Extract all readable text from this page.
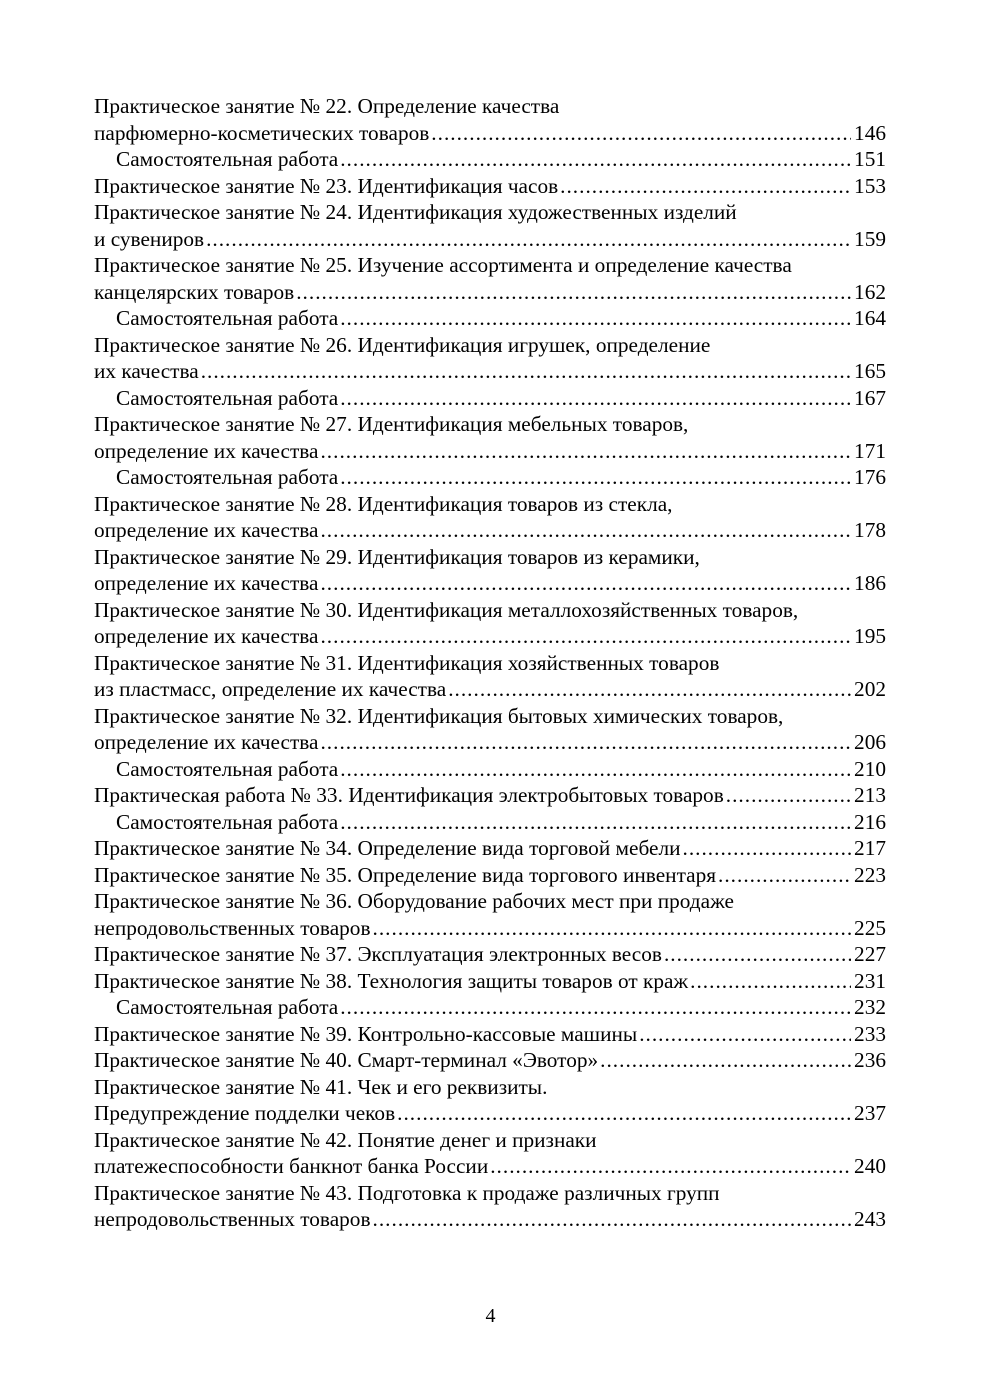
Практическое занятие № 22. Определение качества
парфюмерно-косметических товаров .....	146
Самостоятельная работа .....	151
Практическое занятие № 23. Идентификация часов .....	153
Практическое занятие № 24. Идентификация художественных изделий
и сувениров .....	159
Практическое занятие № 25. Изучение ассортимента и определение качества
канцелярских товаров .....	162
Самостоятельная работа .....	164
Практическое занятие № 26. Идентификация игрушек, определение
их качества .....	165
Самостоятельная работа .....	167
Практическое занятие № 27. Идентификация мебельных товаров,
определение их качества .....	171
Самостоятельная работа .....	176
Практическое занятие № 28. Идентификация товаров из стекла,
определение их качества .....	178
Практическое занятие № 29. Идентификация товаров из керамики,
определение их качества .....	186
Практическое занятие № 30. Идентификация металлохозяйственных товаров,
определение их качества .....	195
Практическое занятие № 31. Идентификация хозяйственных товаров
из пластмасс, определение их качества .....	202
Практическое занятие № 32. Идентификация бытовых химических товаров,
определение их качества .....	206
Самостоятельная работа .....	210
Практическая работа № 33. Идентификация электробытовых товаров .....	213
Самостоятельная работа .....	216
Практическое занятие № 34. Определение вида торговой мебели .....	217
Практическое занятие № 35. Определение вида торгового инвентаря .....	223
Практическое занятие № 36. Оборудование рабочих мест при продаже
непродовольственных товаров .....	225
Практическое занятие № 37. Эксплуатация электронных весов .....	227
Практическое занятие № 38. Технология защиты товаров от краж .....	231
Самостоятельная работа .....	232
Практическое занятие № 39. Контрольно-кассовые машины .....	233
Практическое занятие № 40. Смарт-терминал «Эвотор» .....	236
Практическое занятие № 41. Чек и его реквизиты.
Предупреждение подделки чеков .....	237
Практическое занятие № 42. Понятие денег и признаки
платежеспособности банкнот банка России .....	240
Практическое занятие № 43. Подготовка к продаже различных групп
непродовольственных товаров .....	243
4
